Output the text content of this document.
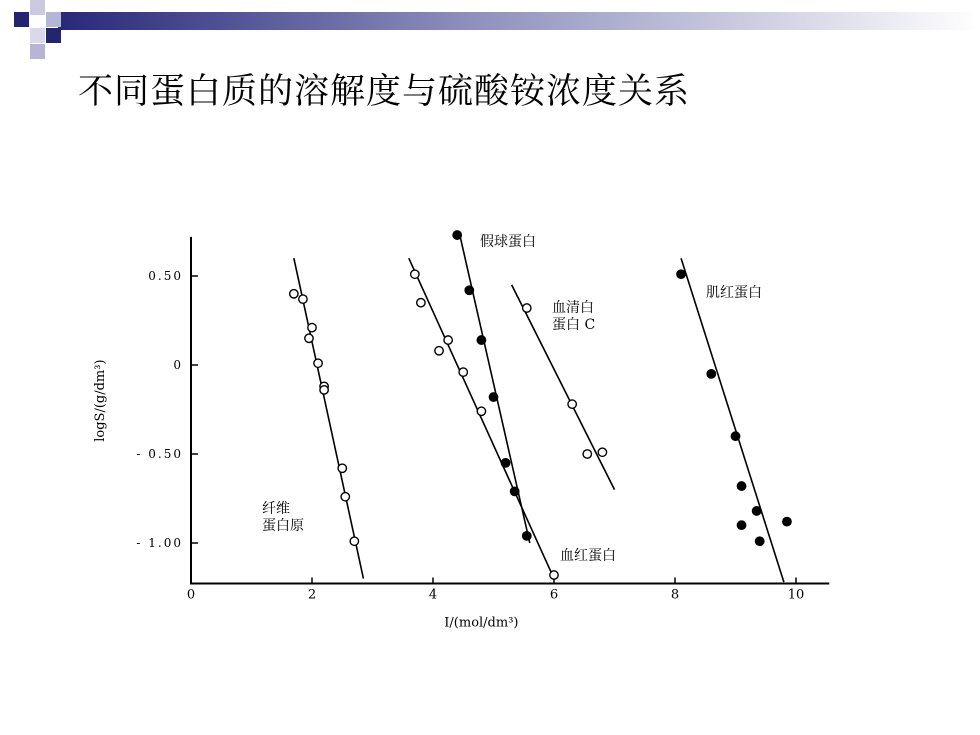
不同蛋白质的溶解度与硫酸铵浓度关系
0	2	4	6	8	10
0.50
0
- 0.50
- 1.00
I/(mol/dm³)
logS/(g/dm³)
纤维
蛋白原
血红蛋白
假球蛋白
血清白
蛋白 C
肌红蛋白
